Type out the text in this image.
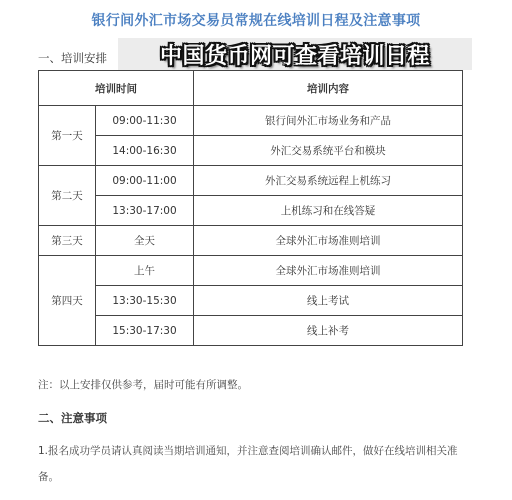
银行间外汇市场交易员常规在线培训日程及注意事项
一、培训安排	中国货币网可查看培训日程
培训时间		培训内容
第一天	09:00-11:30	银行间外汇市场业务和产品
	14:00-16:30	外汇交易系统平台和模块
第二天	09:00-11:00	外汇交易系统远程上机练习
	13:30-17:00	上机练习和在线答疑
第三天	全天	全球外汇市场准则培训
第四天	上午	全球外汇市场准则培训
	13:30-15:30	线上考试
	15:30-17:30	线上补考
注：以上安排仅供参考，届时可能有所调整。
二、注意事项
1.报名成功学员请认真阅读当期培训通知，并注意查阅培训确认邮件，做好在线培训相关准备。
